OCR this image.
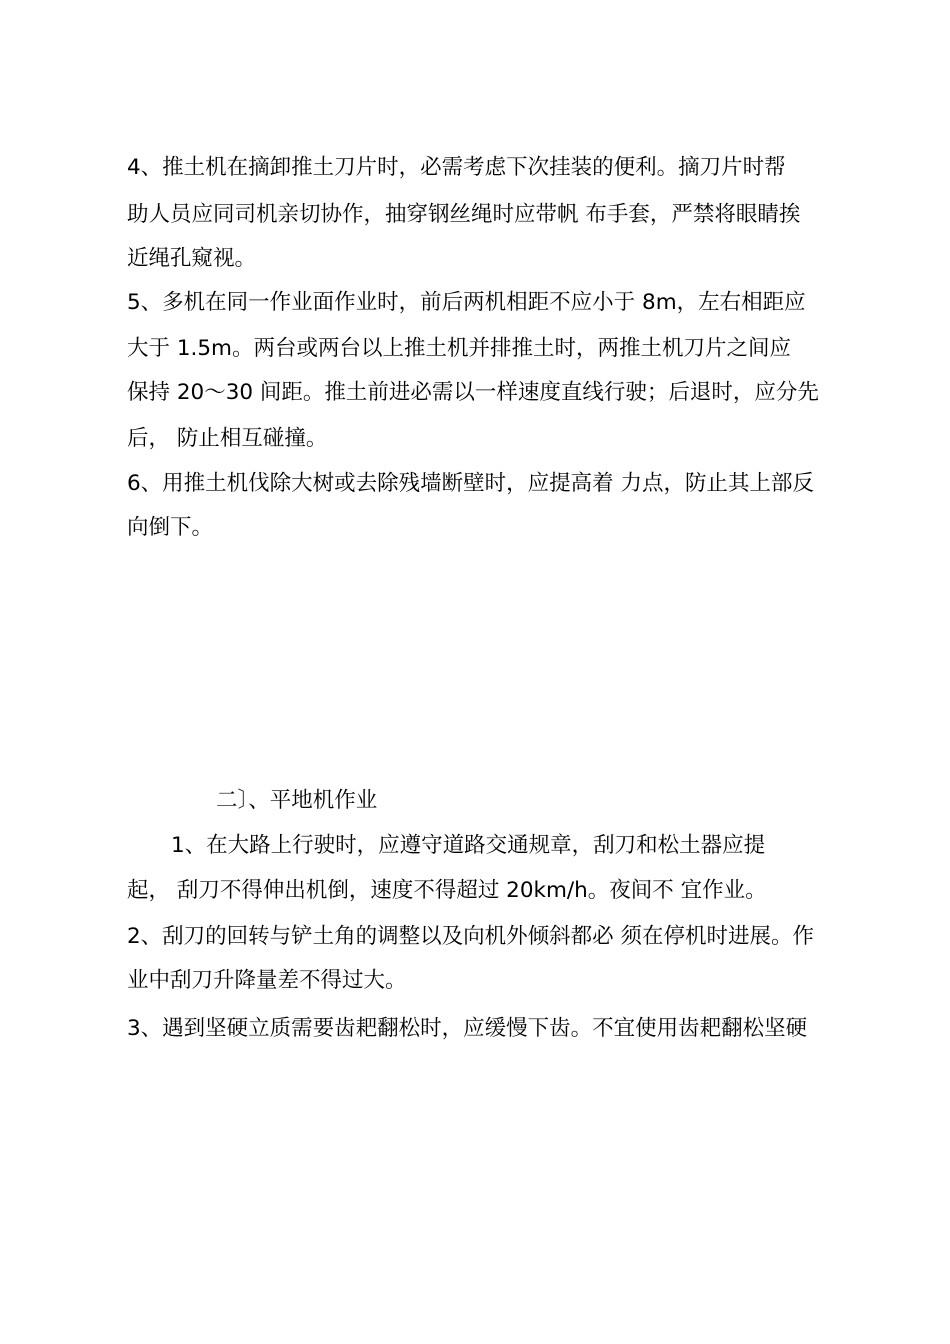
4、推土机在摘卸推土刀片时，必需考虑下次挂装的便利。摘刀片时帮
助人员应同司机亲切协作，抽穿钢丝绳时应带帆 布手套，严禁将眼睛挨
近绳孔窥视。
5、多机在同一作业面作业时，前后两机相距不应小于 8m，左右相距应
大于 1.5m。两台或两台以上推土机并排推土时，两推土机刀片之间应
保持 20～30 间距。推土前进必需以一样速度直线行驶；后退时，应分先
后， 防止相互碰撞。
6、用推土机伐除大树或去除残墙断壁时，应提高着 力点，防止其上部反
向倒下。
二〕、平地机作业
1、在大路上行驶时，应遵守道路交通规章，刮刀和松土器应提
起， 刮刀不得伸出机倒，速度不得超过 20km/h。夜间不 宜作业。
2、刮刀的回转与铲土角的调整以及向机外倾斜都必 须在停机时进展。作
业中刮刀升降量差不得过大。
3、遇到坚硬立质需要齿耙翻松时，应缓慢下齿。不宜使用齿耙翻松坚硬
